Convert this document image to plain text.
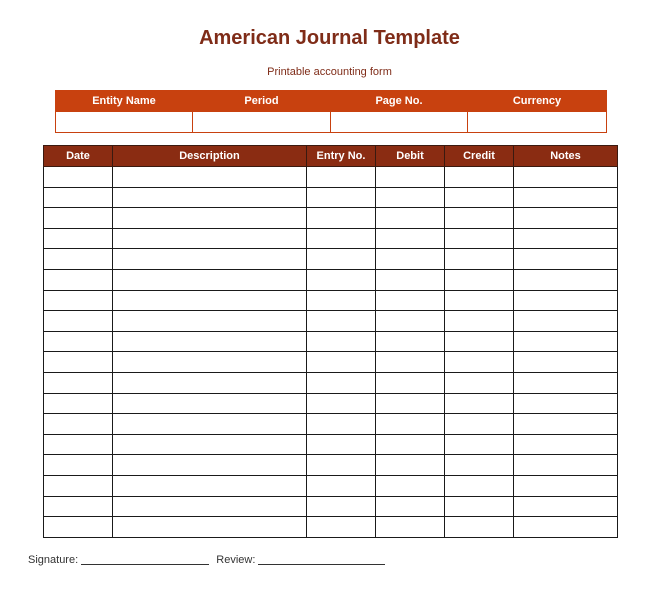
American Journal Template
Printable accounting form
Entity Name	Period	Page No.	Currency

Date	Description	Entry No.	Debit	Credit	Notes

Signature:	Review:
